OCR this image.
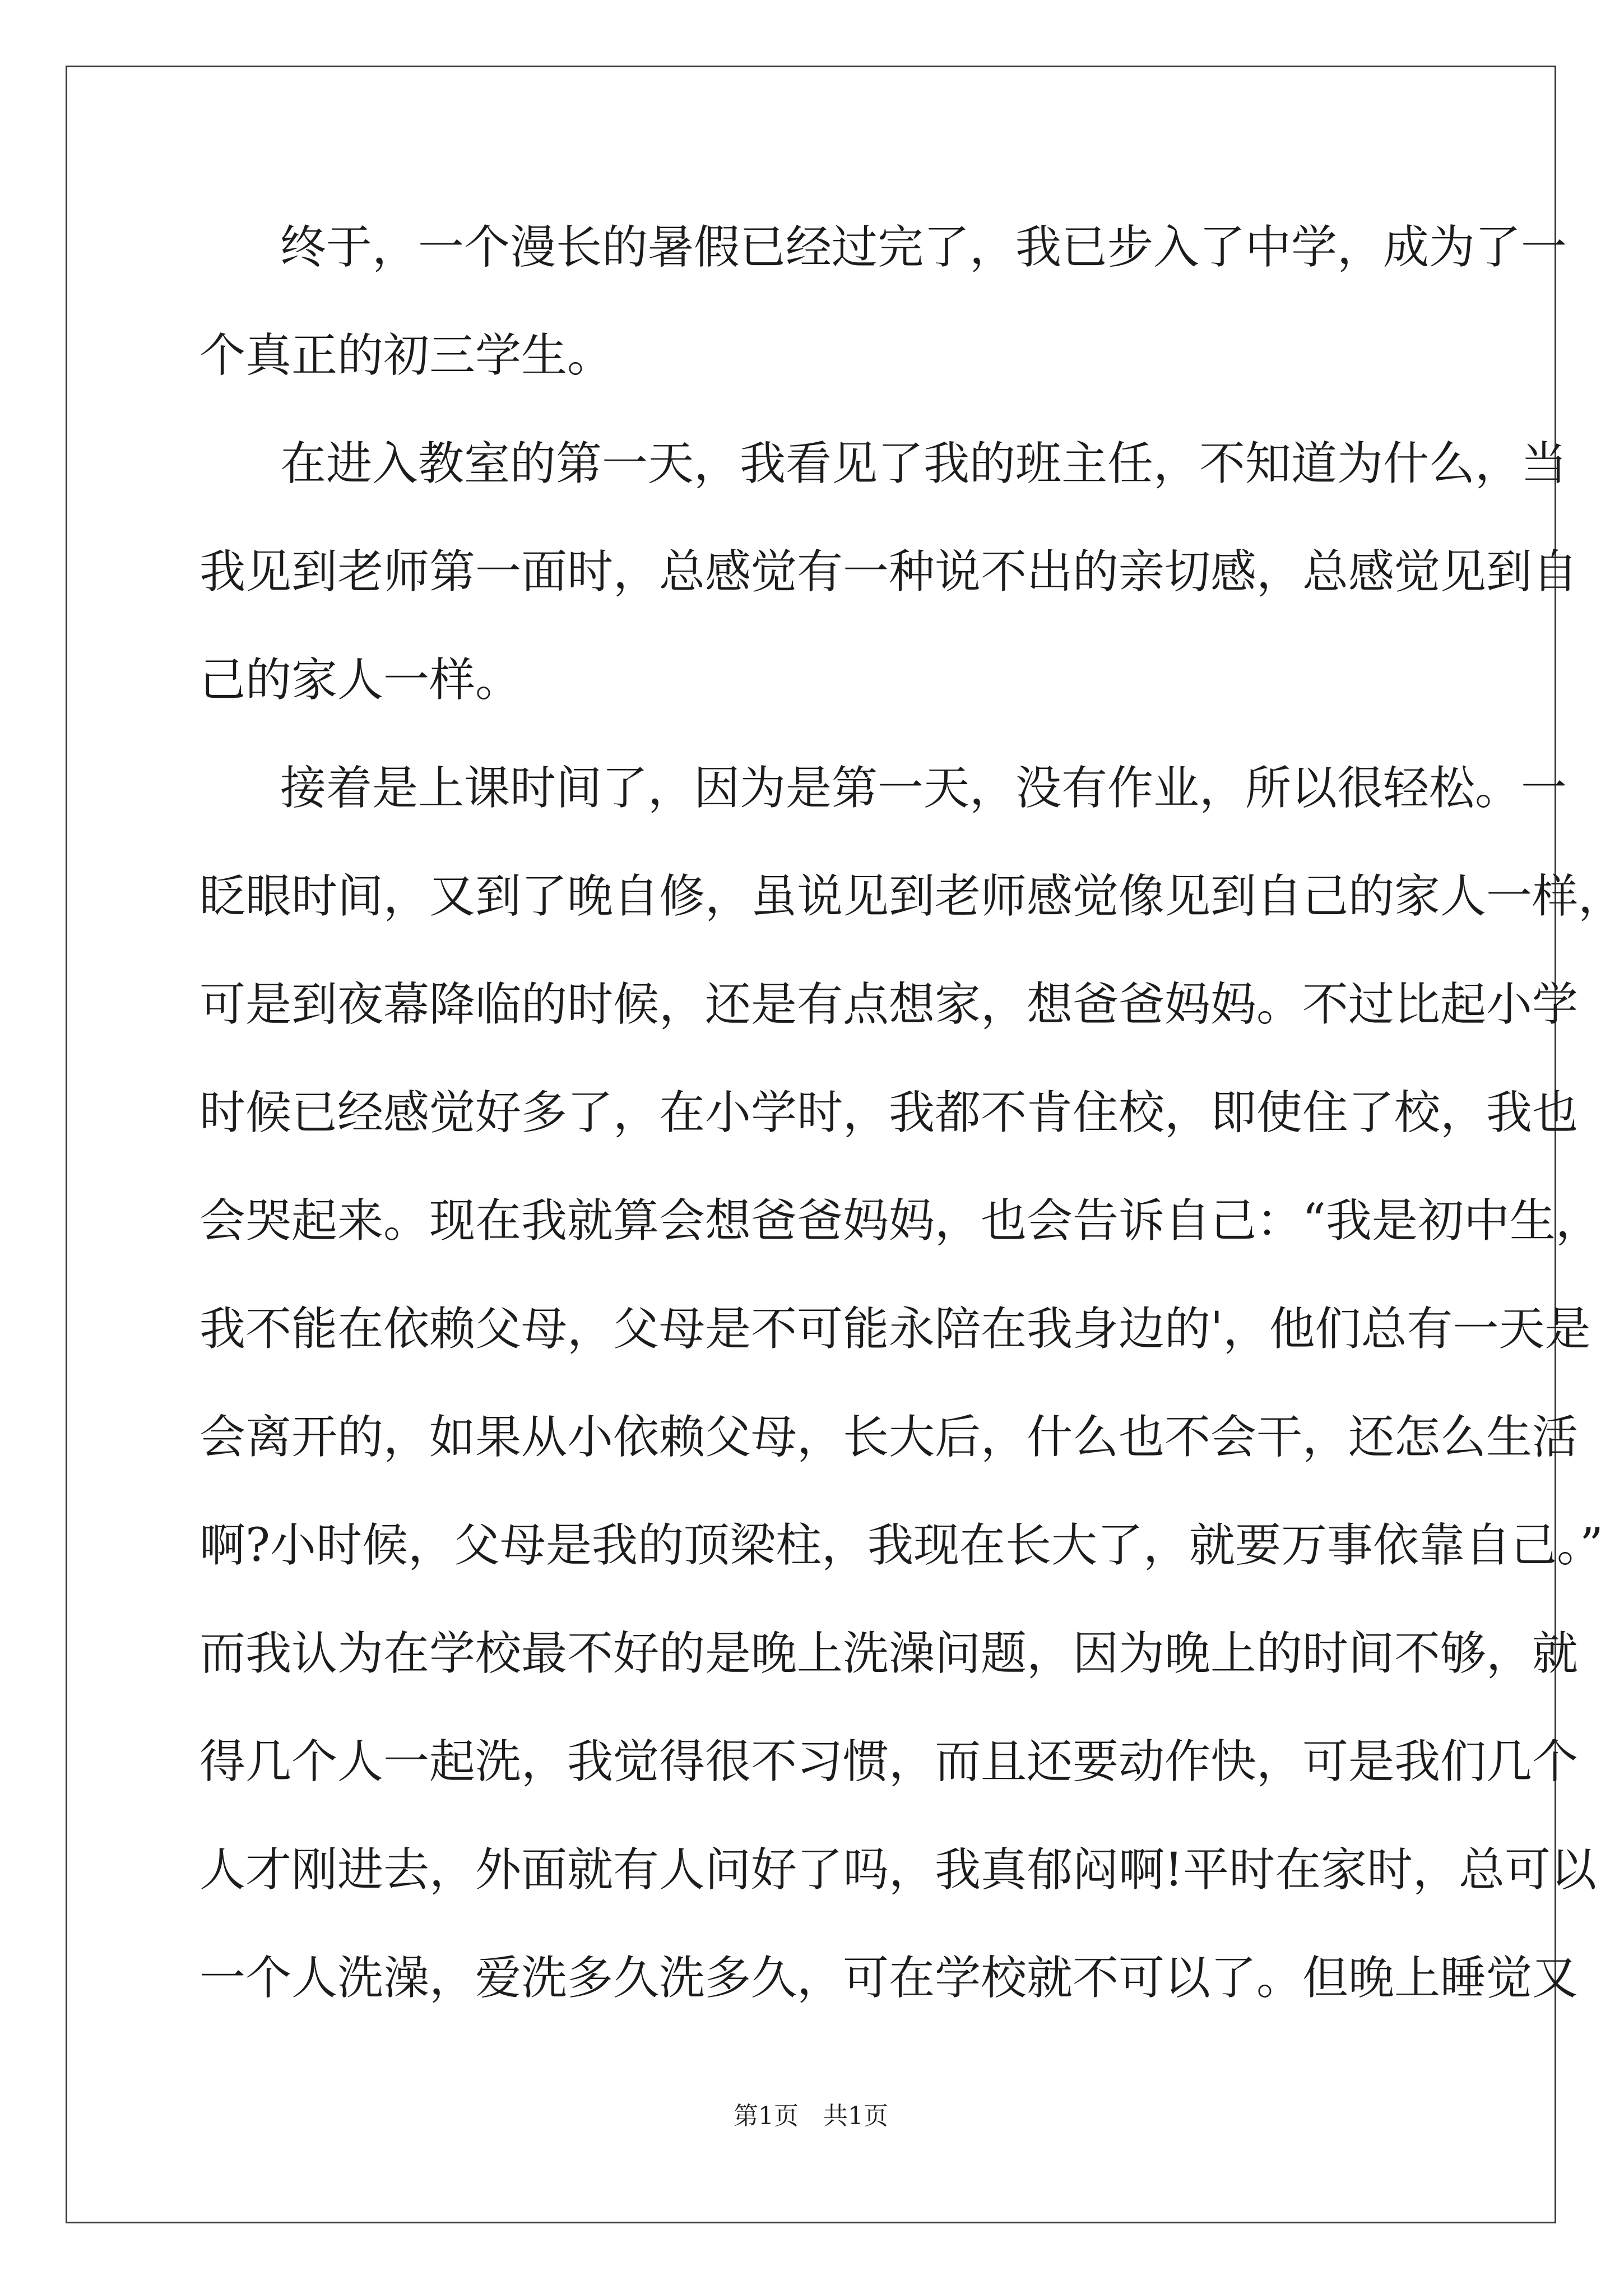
终于，一个漫长的暑假已经过完了，我已步入了中学，成为了一

个真正的初三学生。

在进入教室的第一天，我看见了我的班主任，不知道为什么，当

我见到老师第一面时，总感觉有一种说不出的亲切感，总感觉见到自

己的家人一样。

接着是上课时间了，因为是第一天，没有作业，所以很轻松。一

眨眼时间，又到了晚自修，虽说见到老师感觉像见到自己的家人一样，

可是到夜幕降临的时候，还是有点想家，想爸爸妈妈。不过比起小学

时候已经感觉好多了，在小学时，我都不肯住校，即使住了校，我也

会哭起来。现在我就算会想爸爸妈妈，也会告诉自己：“我是初中生，

我不能在依赖父母，父母是不可能永陪在我身边的'，他们总有一天是

会离开的，如果从小依赖父母，长大后，什么也不会干，还怎么生活

啊?小时候，父母是我的顶梁柱，我现在长大了，就要万事依靠自己。”

而我认为在学校最不好的是晚上洗澡问题，因为晚上的时间不够，就

得几个人一起洗，我觉得很不习惯，而且还要动作快，可是我们几个

人才刚进去，外面就有人问好了吗，我真郁闷啊!平时在家时，总可以

一个人洗澡，爱洗多久洗多久，可在学校就不可以了。但晚上睡觉又

第1页 共1页
